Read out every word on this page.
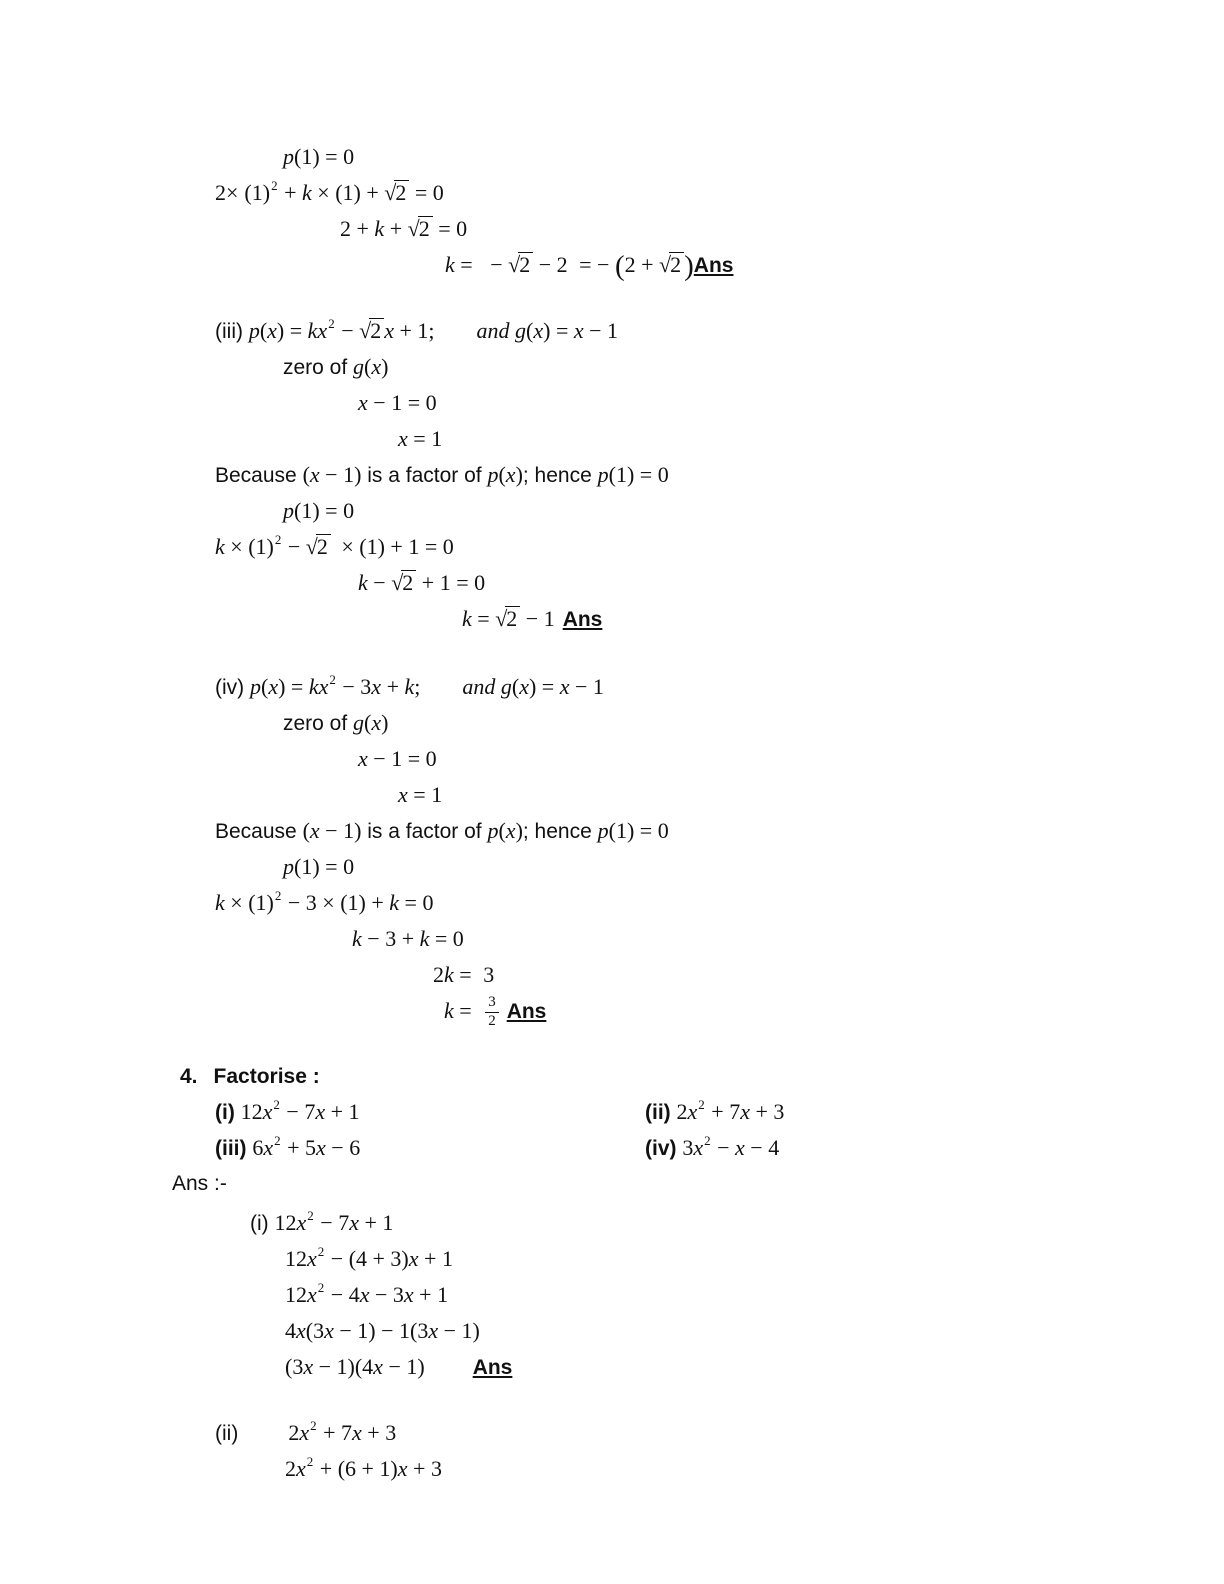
p(1) = 0
$2\times (1)^2 + k \times (1) + √2 = 0$
2 + k + √2 = 0
k = − √2 − 2 = − (2 + √2 )Ans
(iii) $p(x) = kx^2 - √2$ x + 1; and g(x) = x − 1
zero of g(x)
x − 1 = 0
x = 1
Because (x − 1) is a factor of p(x); hence p(1) = 0
p(1) = 0
$k \times (1)^2 - √2 \times (1) + 1 = 0$
k − √2 + 1 = 0
k = √2 − 1 Ans
(iv) $p(x) = kx^2 - 3x + k$; and g(x) = x − 1
zero of g(x)
x − 1 = 0
x = 1
Because (x − 1) is a factor of p(x); hence p(1) = 0
p(1) = 0
$k \times (1)^2 - 3 \times (1) + k = 0$
k − 3 + k = 0
2k = 3
$k = \frac{3}{2}$ Ans
4. Factorise :
(i) $12x^2 - 7x + 1$	(ii) $2x^2 + 7x + 3$
(iii) $6x^2 + 5x - 6$	(iv) $3x^2 - x - 4$
Ans :-
(i) $12x^2 - 7x + 1$
$12x^2 - (4 + 3)x + 1$
$12x^2 - 4x - 3x + 1$
4x(3x − 1) − 1(3x − 1)
(3x − 1)(4x − 1) Ans
(ii) $2x^2 + 7x + 3$
$2x^2 + (6 + 1)x + 3$
